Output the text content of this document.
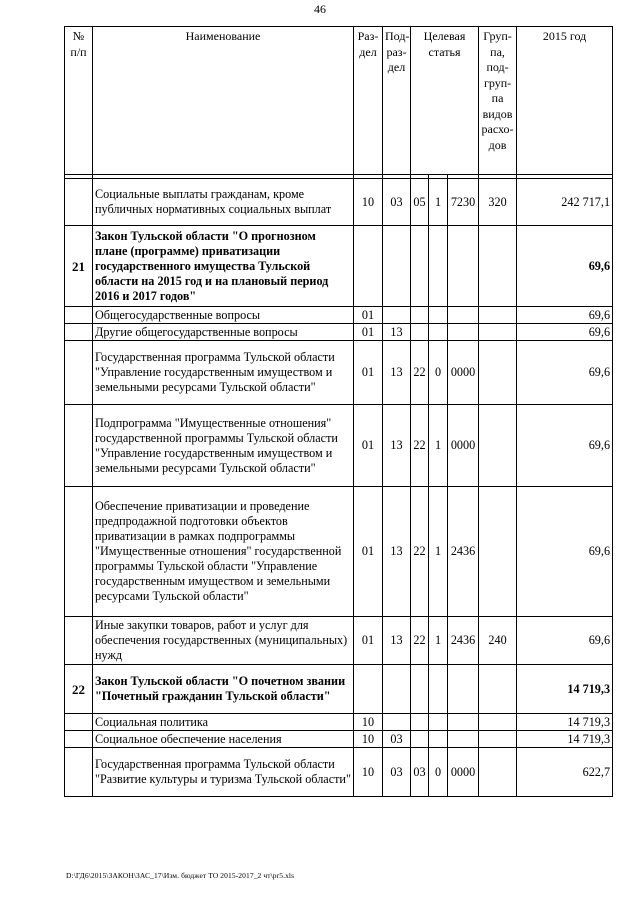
46
№ п/п	Наименование	Раз-дел	Под-раз-дел	Целевая статья			Груп-па, под-груп-па видов расхо-дов	2015 год

	Социальные выплаты гражданам, кроме публичных нормативных социальных выплат	10	03	05	1	7230	320	242 717,1
21	Закон Тульской области "О прогнозном плане (программе) приватизации государственного имущества Тульской области на 2015 год и на плановый период 2016 и 2017 годов"							69,6
	Общегосударственные вопросы	01						69,6
	Другие общегосударственные вопросы	01	13					69,6
	Государственная программа Тульской области "Управление государственным имуществом и земельными ресурсами Тульской области"	01	13	22	0	0000		69,6
	Подпрограмма "Имущественные отношения" государственной программы Тульской области "Управление государственным имуществом и земельными ресурсами Тульской области"	01	13	22	1	0000		69,6
	Обеспечение приватизации и проведение предпродажной подготовки объектов приватизации в рамках подпрограммы "Имущественные отношения" государственной программы Тульской области "Управление государственным имуществом и земельными ресурсами Тульской области"	01	13	22	1	2436		69,6
	Иные закупки товаров, работ и услуг для обеспечения государственных (муниципальных) нужд	01	13	22	1	2436	240	69,6
22	Закон Тульской области "О почетном звании "Почетный гражданин Тульской области"							14 719,3
	Социальная политика	10						14 719,3
	Социальное обеспечение населения	10	03					14 719,3
	Государственная программа Тульской области "Развитие культуры и туризма Тульской области"	10	03	03	0	0000		622,7
D:\ГД6\2015\ЗАКОН\ЗАС_17\Изм. бюджет ТО 2015-2017_2 чт\pr5.xls
